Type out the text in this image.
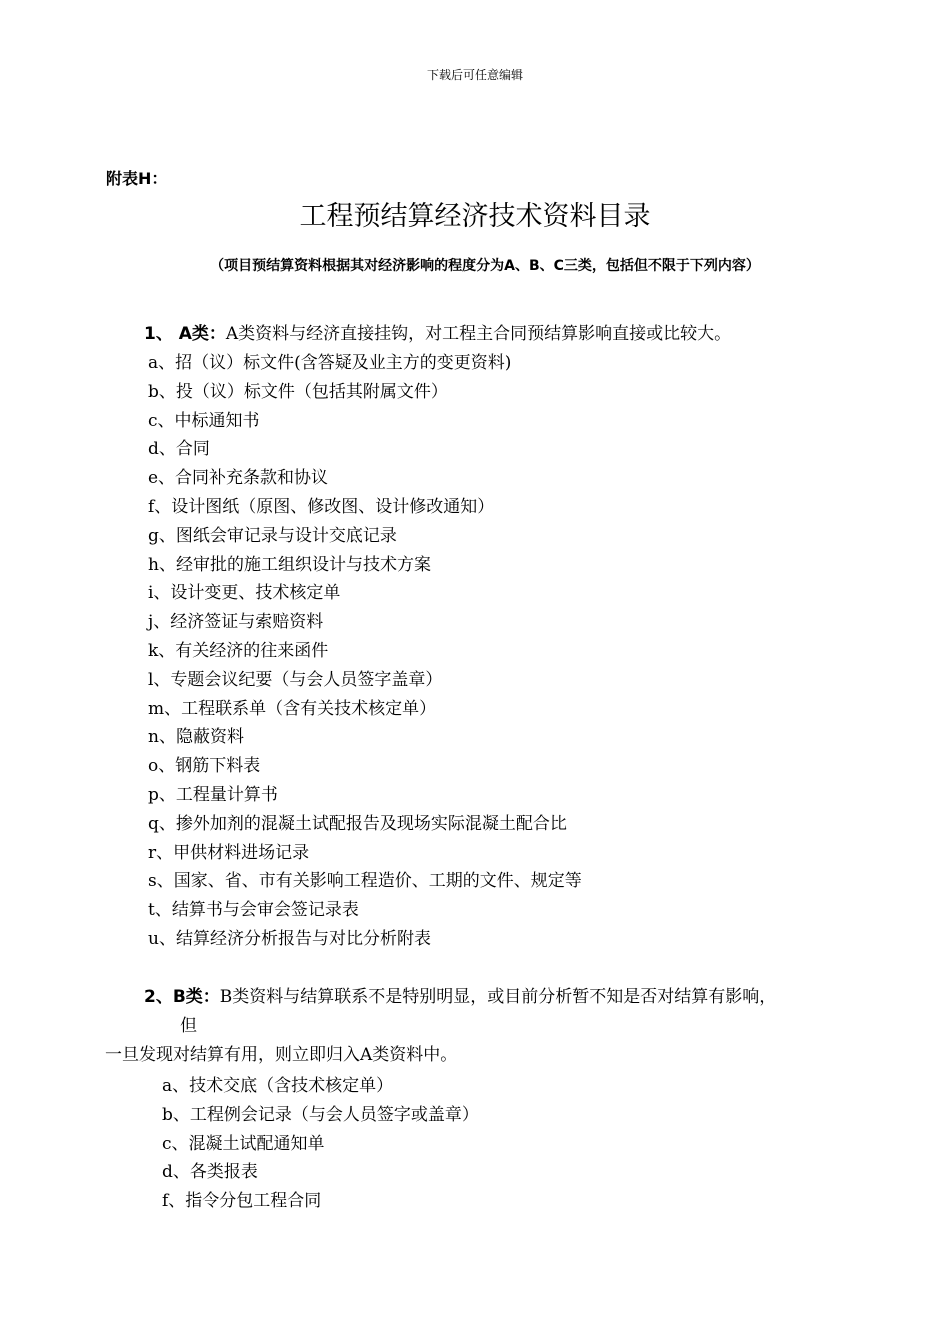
下载后可任意编辑
附表H：
工程预结算经济技术资料目录
（项目预结算资料根据其对经济影响的程度分为A、B、C三类，包括但不限于下列内容）
1、 A类：A类资料与经济直接挂钩，对工程主合同预结算影响直接或比较大。
a、招（议）标文件(含答疑及业主方的变更资料)
b、投（议）标文件（包括其附属文件）
c、中标通知书
d、合同
e、合同补充条款和协议
f、设计图纸（原图、修改图、设计修改通知）
g、图纸会审记录与设计交底记录
h、经审批的施工组织设计与技术方案
i、设计变更、技术核定单
j、经济签证与索赔资料
k、有关经济的往来函件
l、专题会议纪要（与会人员签字盖章）
m、工程联系单（含有关技术核定单）
n、隐蔽资料
o、钢筋下料表
p、工程量计算书
q、掺外加剂的混凝土试配报告及现场实际混凝土配合比
r、甲供材料进场记录
s、国家、省、市有关影响工程造价、工期的文件、规定等
t、结算书与会审会签记录表
u、结算经济分析报告与对比分析附表
2、B类：B类资料与结算联系不是特别明显，或目前分析暂不知是否对结算有影响，
但
一旦发现对结算有用，则立即归入A类资料中。
a、技术交底（含技术核定单）
b、工程例会记录（与会人员签字或盖章）
c、混凝土试配通知单
d、各类报表
f、指令分包工程合同
